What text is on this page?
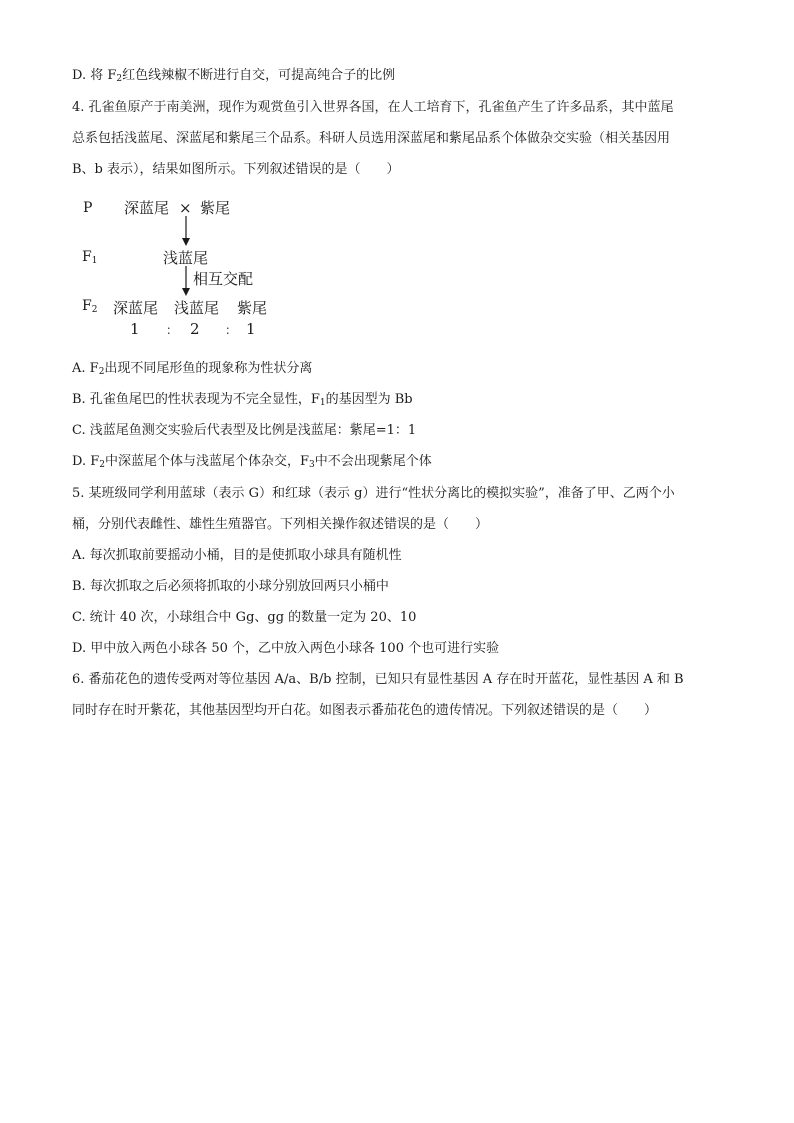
D. 将 $F_2$红色线辣椒不断进行自交，可提高纯合子的比例
4. 孔雀鱼原产于南美洲，现作为观赏鱼引入世界各国，在人工培育下，孔雀鱼产生了许多品系，其中蓝尾
总系包括浅蓝尾、深蓝尾和紫尾三个品系。科研人员选用深蓝尾和紫尾品系个体做杂交实验（相关基因用
B、b 表示），结果如图所示。下列叙述错误的是（　　）
P 深蓝尾 × 紫尾
$F_1$	浅蓝尾
相互交配
$F_2$ 深蓝尾 浅蓝尾 紫尾
1 ： 2 ： 1
A. $F_2$出现不同尾形鱼的现象称为性状分离
B. 孔雀鱼尾巴的性状表现为不完全显性，$F_1$的基因型为 Bb
C. 浅蓝尾鱼测交实验后代表型及比例是浅蓝尾：紫尾=1：1
D. $F_2$中深蓝尾个体与浅蓝尾个体杂交，$F_3$中不会出现紫尾个体
5. 某班级同学利用蓝球（表示 G）和红球（表示 g）进行“性状分离比的模拟实验”，准备了甲、乙两个小
桶，分别代表雌性、雄性生殖器官。下列相关操作叙述错误的是（　　）
A. 每次抓取前要摇动小桶，目的是使抓取小球具有随机性
B. 每次抓取之后必须将抓取的小球分别放回两只小桶中
C. 统计 40 次，小球组合中 Gg、gg 的数量一定为 20、10
D. 甲中放入两色小球各 50 个，乙中放入两色小球各 100 个也可进行实验
6. 番茄花色的遗传受两对等位基因 A/a、B/b 控制，已知只有显性基因 A 存在时开蓝花，显性基因 A 和 B
同时存在时开紫花，其他基因型均开白花。如图表示番茄花色的遗传情况。下列叙述错误的是（　　）
